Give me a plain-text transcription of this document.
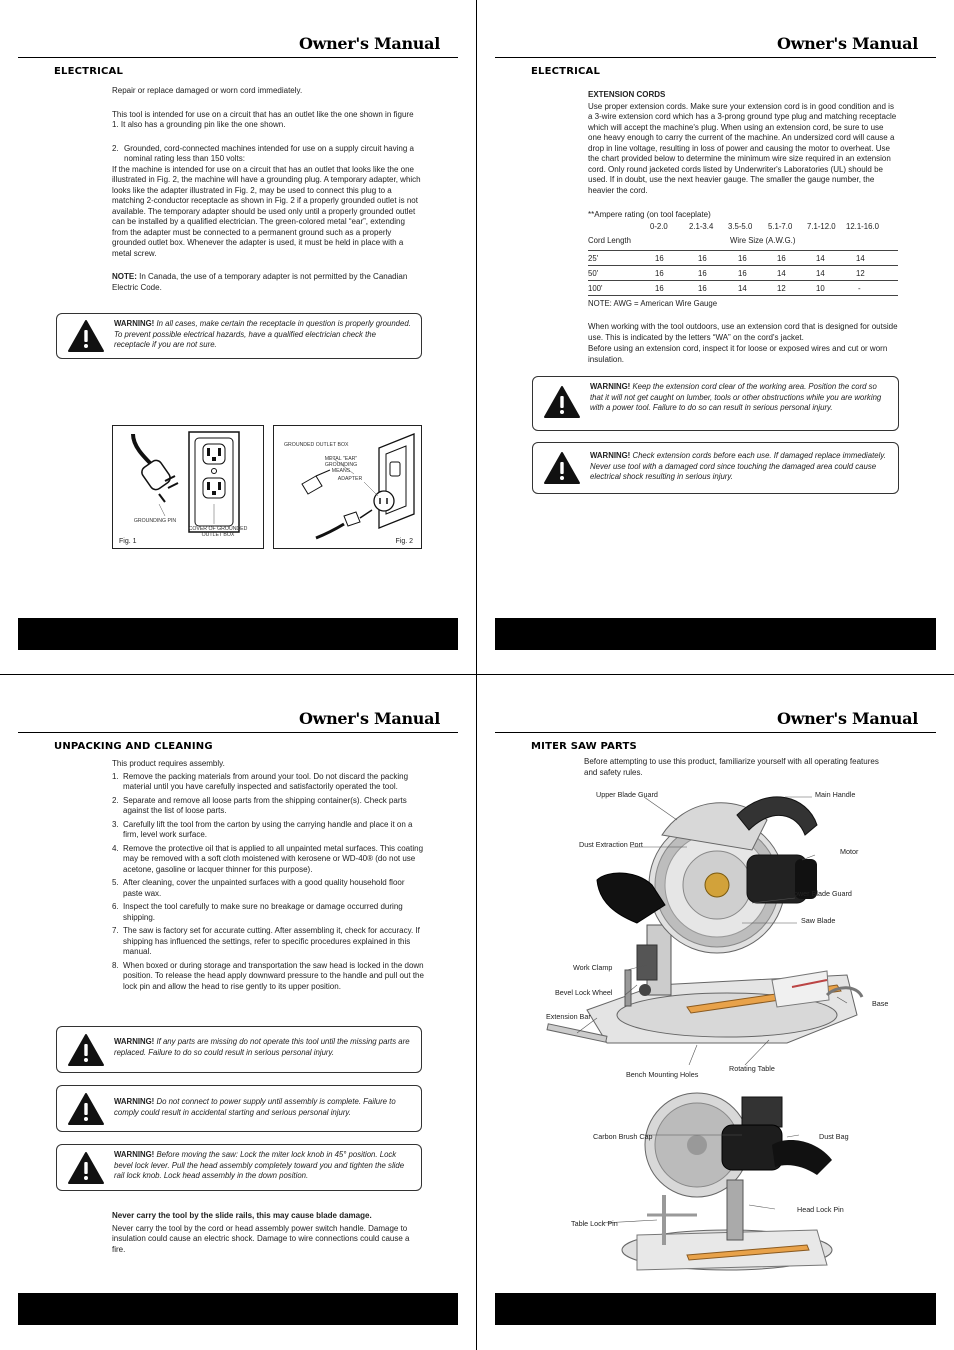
Owner's Manual
ELECTRICAL

Repair or replace damaged or worn cord immediately.

This tool is intended for use on a circuit that has an outlet like the one shown in figure 1. It also has a grounding pin like the one shown.

2. Grounded, cord-connected machines intended for use on a supply circuit having a nominal rating less than 150 volts:

If the machine is intended for use on a circuit that has an outlet that looks like the one illustrated in Fig. 2, the machine will have a grounding plug. A temporary adapter, which looks like the adapter illustrated in Fig. 2, may be used to connect this plug to a matching 2-conductor receptacle as shown in Fig. 2 if a properly grounded outlet is not available. The temporary adapter should be used only until a properly grounded outlet can be installed by a qualified electrician. The green-colored metal “ear”, extending from the adapter must be connected to a permanent ground such as a properly grounded outlet box. Whenever the adapter is used, it must be held in place with a metal screw.

NOTE: In Canada, the use of a temporary adapter is not permitted by the Canadian Electric Code.

WARNING! In all cases, make certain the receptacle in question is properly grounded. To prevent possible electrical hazards, have a qualified electrician check the receptacle if you are not sure.
GROUNDING PIN
COVER OF GROUNDED OUTLET BOX
Fig. 1
GROUNDED OUTLET BOX
METAL "EAR" GROUNDING MEANS
ADAPTER
Fig. 2
Owner's Manual
ELECTRICAL
EXTENSION CORDS

Use proper extension cords. Make sure your extension cord is in good condition and is a 3-wire extension cord which has a 3-prong ground type plug and matching receptacle which will accept the machine's plug. When using an extension cord, be sure to use one heavy enough to carry the current of the machine. An undersized cord will cause a drop in line voltage, resulting in loss of power and causing the motor to overheat. Use the chart provided below to determine the minimum wire size required in an extension cord. Only round jacketed cords listed by Underwriter's Laboratories (UL) should be used. If in doubt, use the next heavier gauge. The smaller the gauge number, the heavier the cord.

**Ampere rating (on tool faceplate)
0-2.0	2.1-3.4 3.5-5.0 5.1-7.0 7.1-12.0 12.1-16.0
Cord Length	Wire Size (A.W.G.)
25'	16	16	16	16	14	14
50'	16	16	16	14	14	12
100'	16	16	14	12	10	-
NOTE: AWG = American Wire Gauge

When working with the tool outdoors, use an extension cord that is designed for outside use. This is indicated by the letters “WA” on the cord's jacket.

Before using an extension cord, inspect it for loose or exposed wires and cut or worn insulation.

WARNING! Keep the extension cord clear of the working area. Position the cord so that it will not get caught on lumber, tools or other obstructions while you are working with a power tool. Failure to do so can result in serious personal injury.
WARNING! Check extension cords before each use. If damaged replace immediately. Never use tool with a damaged cord since touching the damaged area could cause electrical shock resulting in serious injury.
Owner's Manual
UNPACKING AND CLEANING
This product requires assembly.
1. Remove the packing materials from around your tool. Do not discard the packing material until you have carefully inspected and satisfactorily operated the tool.
2. Separate and remove all loose parts from the shipping container(s). Check parts against the list of loose parts.
3. Carefully lift the tool from the carton by using the carrying handle and place it on a firm, level work surface.
4. Remove the protective oil that is applied to all unpainted metal surfaces. This coating may be removed with a soft cloth moistened with kerosene or WD-40® (do not use acetone, gasoline or lacquer thinner for this purpose).
5. After cleaning, cover the unpainted surfaces with a good quality household floor paste wax.
6. Inspect the tool carefully to make sure no breakage or damage occurred during shipping.
7. The saw is factory set for accurate cutting. After assembling it, check for accuracy. If shipping has influenced the settings, refer to specific procedures explained in this manual.
8. When boxed or during storage and transportation the saw head is locked in the down position. To release the head apply downward pressure to the handle and pull out the lock pin and allow the head to rise gently to its upper position.
WARNING! If any parts are missing do not operate this tool until the missing parts are replaced. Failure to do so could result in serious personal injury.
WARNING! Do not connect to power supply until assembly is complete. Failure to comply could result in accidental starting and serious personal injury.
WARNING! Before moving the saw: Lock the miter lock knob in 45° position. Lock bevel lock lever. Pull the head assembly completely toward you and tighten the slide rail lock knob. Lock head assembly in the down position.
Never carry the tool by the slide rails, this may cause blade damage.
Never carry the tool by the cord or head assembly power switch handle. Damage to insulation could cause an electric shock. Damage to wire connections could cause a fire.
Owner's Manual
MITER SAW PARTS
Before attempting to use this product, familiarize yourself with all operating features and safety rules.
Upper Blade Guard	Main Handle
Dust Extraction Port
Motor
Lower Blade Guard
Saw Blade
Work Clamp
Bevel Lock Wheel
Base
Extension Bar
Rotating Table
Bench Mounting Holes
Carbon Brush Cap	Dust Bag
Head Lock Pin
Table Lock Pin
